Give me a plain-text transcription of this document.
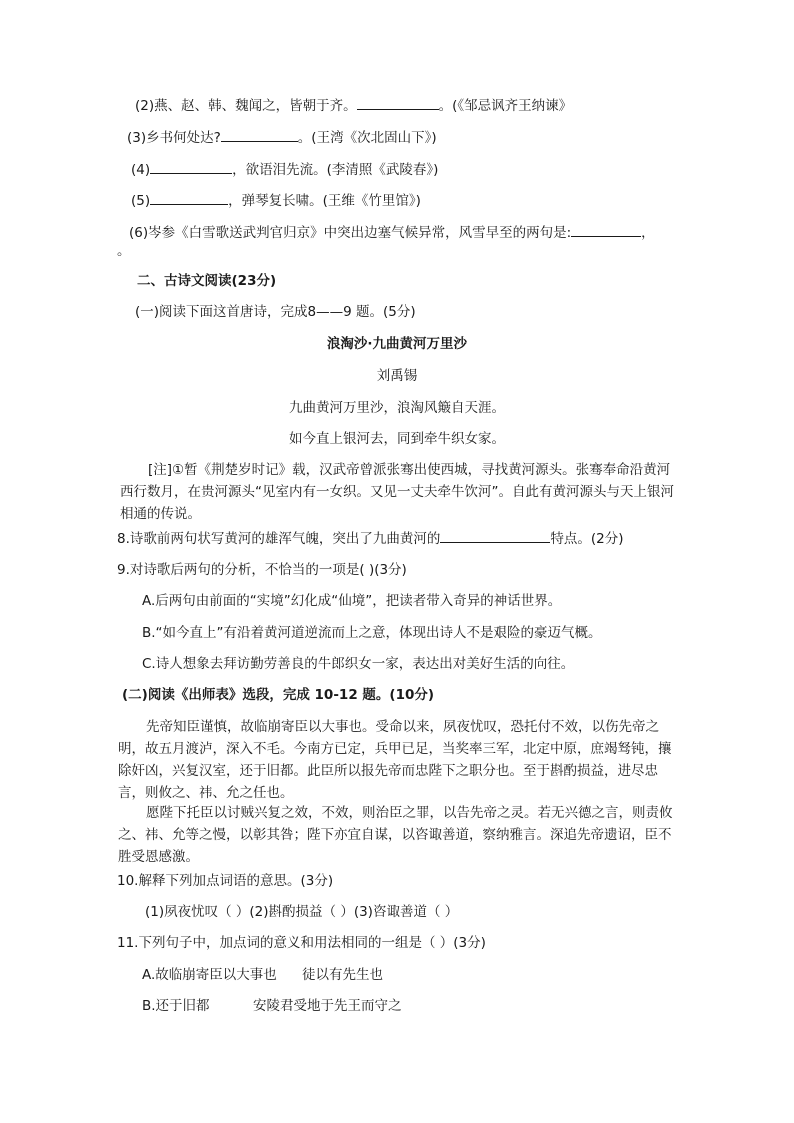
(2)燕、赵、韩、魏闻之，皆朝于齐。	。(《邹忌讽齐王纳谏》
(3)乡书何处达?	。(王湾《次北固山下》)
(4)	，欲语泪先流。(李清照《武陵春》)
(5)	，弹琴复长啸。(王维《竹里馆》)
(6)岑参《白雪歌送武判官归京》中突出边塞气候异常，风雪早至的两句是:	，
。
二、古诗文阅读(23分)
(一)阅读下面这首唐诗，完成8——9 题。(5分)
浪淘沙·九曲黄河万里沙
刘禹锡
九曲黄河万里沙，浪淘风簸自天涯。
如今直上银河去，同到牵牛织女家。
[注]①暂《荆楚岁时记》载，汉武帝曾派张骞出使西城，寻找黄河源头。张骞奉命沿黄河西行数月，在贵河源头“见室内有一女织。又见一丈夫牵牛饮河”。自此有黄河源头与天上银河相通的传说。
8.诗歌前两句状写黄河的雄浑气魄，突出了九曲黄河的	特点。(2分)
9.对诗歌后两句的分析，不恰当的一项是( )(3分)
A.后两句由前面的“实境”幻化成“仙境”，把读者带入奇异的神话世界。
B.“如今直上”有沿着黄河道逆流而上之意，体现出诗人不是艰险的豪迈气概。
C.诗人想象去拜访勤劳善良的牛郎织女一家，表达出对美好生活的向往。
(二)阅读《出师表》选段，完成 10-12 题。(10分)
先帝知臣谨慎，故临崩寄臣以大事也。受命以来，夙夜忧叹，恐托付不效，以伤先帝之明，故五月渡泸，深入不毛。今南方已定，兵甲已足，当奖率三军，北定中原，庶竭驽钝，攘除奸凶，兴复汉室，还于旧都。此臣所以报先帝而忠陛下之职分也。至于斟酌损益，进尽忠言，则攸之、祎、允之任也。
愿陛下托臣以讨贼兴复之效，不效，则治臣之罪，以告先帝之灵。若无兴德之言，则责攸之、祎、允等之慢，以彰其咎；陛下亦宜自谋，以咨诹善道，察纳雅言。深追先帝遗诏，臣不胜受恩感激。
10.解释下列加点词语的意思。(3分)
(1)夙夜忧叹（ ）(2)斟酌损益（ ）(3)咨诹善道（ ）
11.下列句子中，加点词的意义和用法相同的一组是（ ）(3分)
A.故临崩寄臣以大事也 徒以有先生也
B.还于旧都	安陵君受地于先王而守之
